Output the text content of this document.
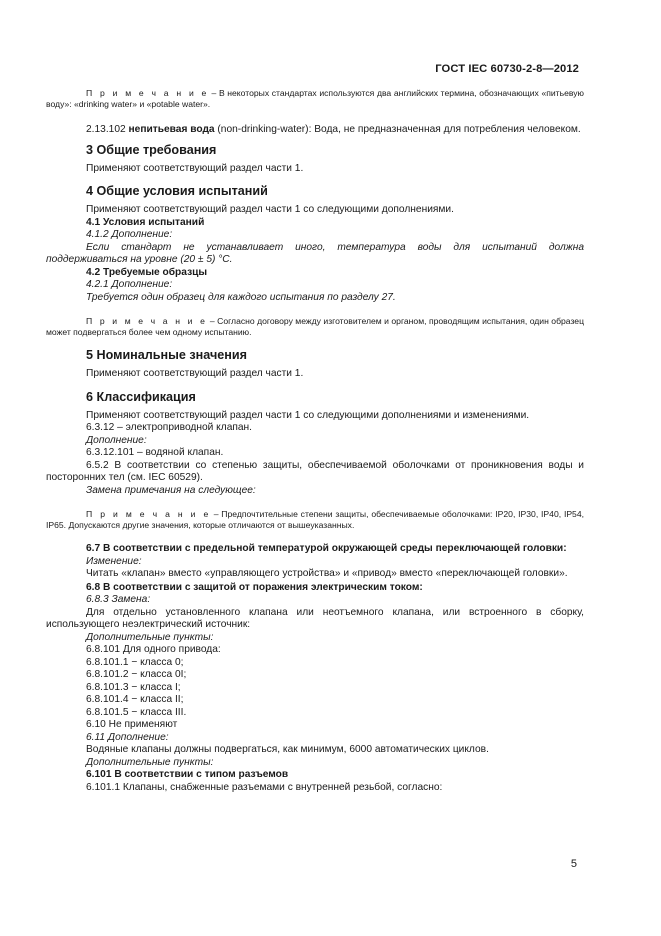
ГОСТ IEC 60730-2-8—2012

П р и м е ч а н и е – В некоторых стандартах используются два английских термина, обозначающих «питьевую воду»: «drinking water» и «potable water».

2.13.102 непитьевая вода (non-drinking-water): Вода, не предназначенная для потребления человеком.

3 Общие требования

Применяют соответствующий раздел части 1.

4 Общие условия испытаний

Применяют соответствующий раздел части 1 со следующими дополнениями.

4.1 Условия испытаний

4.1.2 Дополнение:

Если стандарт не устанавливает иного, температура воды для испытаний должна поддерживаться на уровне (20 ± 5) °С.

4.2 Требуемые образцы

4.2.1 Дополнение:

Требуется один образец для каждого испытания по разделу 27.

П р и м е ч а н и е – Согласно договору между изготовителем и органом, проводящим испытания, один образец может подвергаться более чем одному испытанию.

5 Номинальные значения

Применяют соответствующий раздел части 1.

6 Классификация

Применяют соответствующий раздел части 1 со следующими дополнениями и изменениями.

6.3.12 – электроприводной клапан.

Дополнение:

6.3.12.101 – водяной клапан.

6.5.2 В соответствии со степенью защиты, обеспечиваемой оболочками от проникновения воды и посторонних тел (см. IEC 60529).

Замена примечания на следующее:

П р и м е ч а н и е – Предпочтительные степени защиты, обеспечиваемые оболочками: IP20, IP30, IP40, IP54, IP65. Допускаются другие значения, которые отличаются от вышеуказанных.

6.7 В соответствии с предельной температурой окружающей среды переключающей головки:

Изменение:

Читать «клапан» вместо «управляющего устройства» и «привод» вместо «переключающей головки».

6.8 В соответствии с защитой от поражения электрическим током:

6.8.3 Замена:

Для отдельно установленного клапана или неотъемного клапана, или встроенного в сборку, использующего неэлектрический источник:

Дополнительные пункты:

6.8.101 Для одного привода:

6.8.101.1 − класса 0;

6.8.101.2 − класса 0I;

6.8.101.3 − класса I;

6.8.101.4 − класса II;

6.8.101.5 − класса III.

6.10 Не применяют

6.11 Дополнение:

Водяные клапаны должны подвергаться, как минимум, 6000 автоматических циклов.

Дополнительные пункты:

6.101 В соответствии с типом разъемов

6.101.1 Клапаны, снабженные разъемами с внутренней резьбой, согласно:

5
